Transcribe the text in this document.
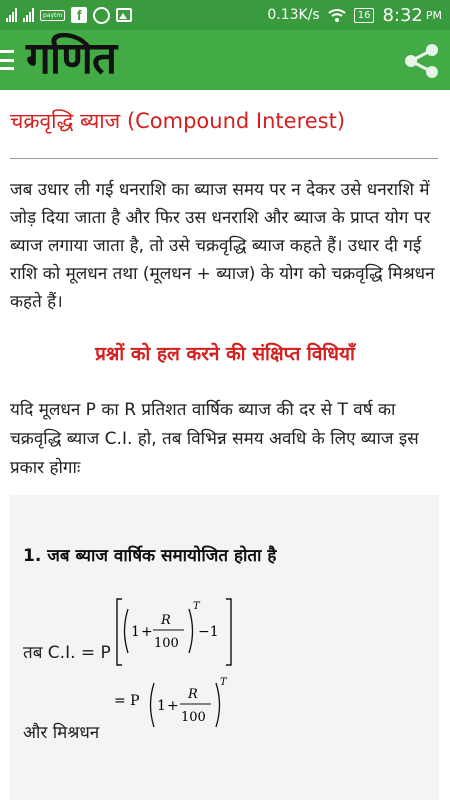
paytm	f	0.13K/s	16 8:32 PM
गणित
चक्रवृद्धि ब्याज (Compound Interest)
जब उधार ली गई धनराशि का ब्याज समय पर न देकर उसे धनराशि में जोड़ दिया जाता है और फिर उस धनराशि और ब्याज के प्राप्त योग पर ब्याज लगाया जाता है, तो उसे चक्रवृद्धि ब्याज कहते हैं। उधार दी गई राशि को मूलधन तथा (मूलधन + ब्याज) के योग को चक्रवृद्धि मिश्रधन कहते हैं।
प्रश्नों को हल करने की संक्षिप्त विधियाँ
यदि मूलधन P का R प्रतिशत वार्षिक ब्याज की दर से T वर्ष का चक्रवृद्धि ब्याज C.I. हो, तब विभिन्न समय अवधि के लिए ब्याज इस प्रकार होगाः
1. जब ब्याज वार्षिक समायोजित होता है
तब C.I. = P
1 +
R
100
T
−1
और मिश्रधन
= P 1 +
R
100
T
